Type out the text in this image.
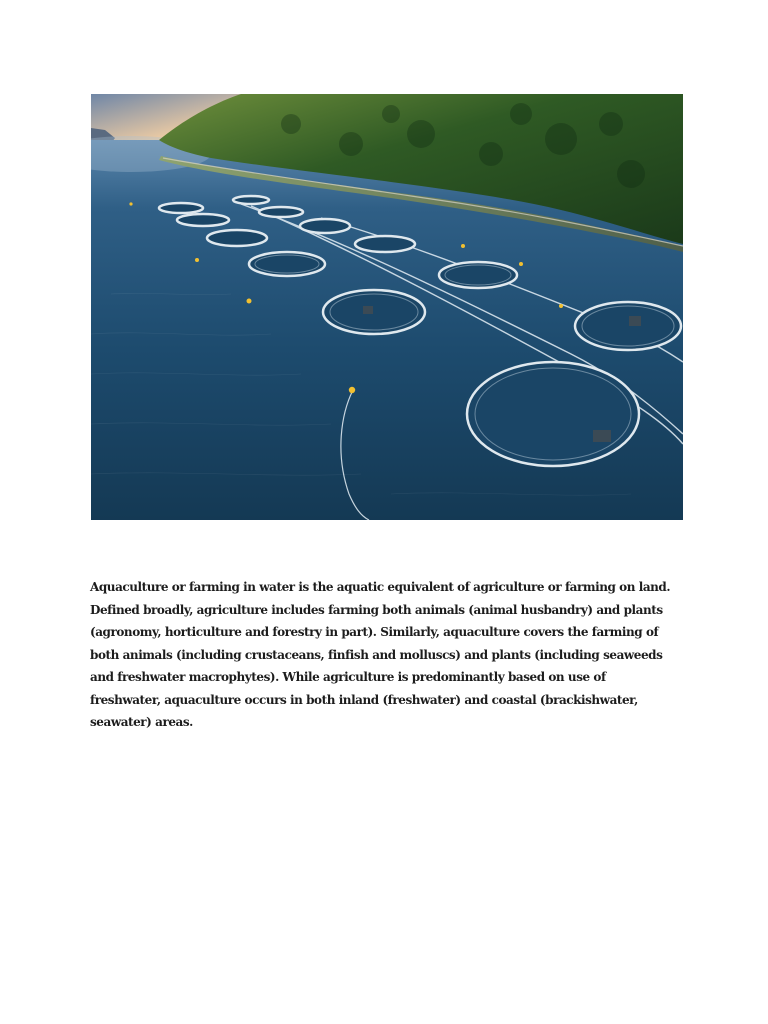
Aquaculture or farming in water is the aquatic equivalent of agriculture or farming on land.
Defined broadly, agriculture includes farming both animals (animal husbandry) and plants
(agronomy, horticulture and forestry in part). Similarly, aquaculture covers the farming of
both animals (including crustaceans, finfish and molluscs) and plants (including seaweeds
and freshwater macrophytes). While agriculture is predominantly based on use of
freshwater, aquaculture occurs in both inland (freshwater) and coastal (brackishwater,
seawater) areas.
